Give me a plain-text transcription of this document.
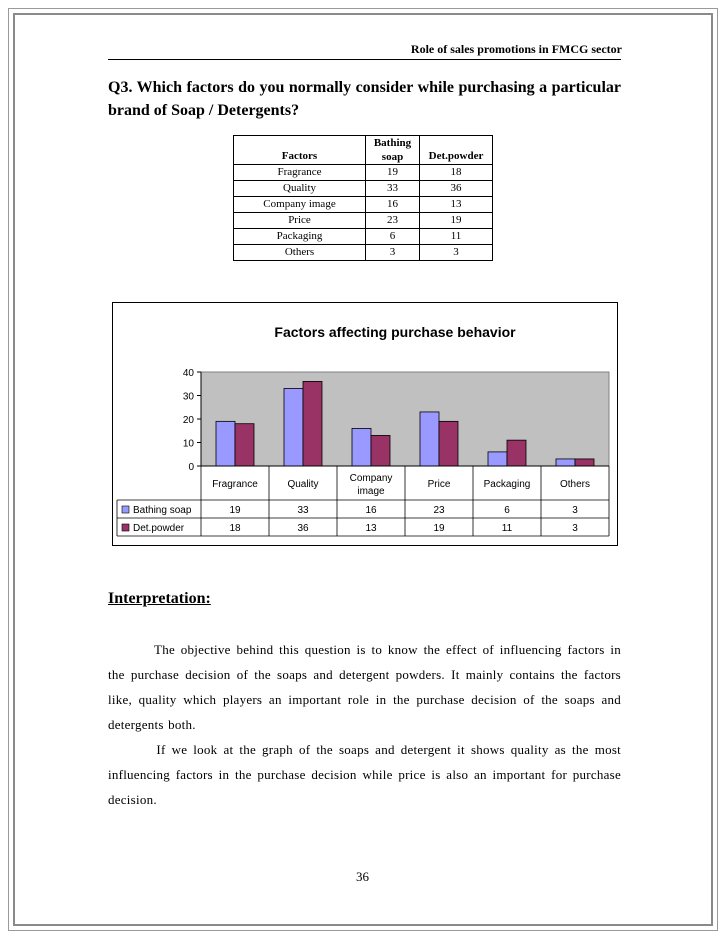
Role of sales promotions in FMCG sector
Q3. Which factors do you normally consider while purchasing a particular brand of Soap / Detergents?
Factors	Bathing soap	Det.powder
Fragrance	19	18
Quality	33	36
Company image	16	13
Price	23	19
Packaging	6	11
Others	3	3
Factors affecting purchase behavior
0
10
20
30
40
Fragrance	Quality
Company
image
Price	Packaging	Others
Bathing soap	19	33	16	23	6	3
Det.powder	18	36	13	19	11	3
Interpretation:
The objective behind this question is to know the effect of influencing factors in
the purchase decision of the soaps and detergent powders. It mainly contains the factors
like, quality which players an important role in the purchase decision of the soaps and
detergents both.
If we look at the graph of the soaps and detergent it shows quality as the most
influencing factors in the purchase decision while price is also an important for purchase
decision.
36
